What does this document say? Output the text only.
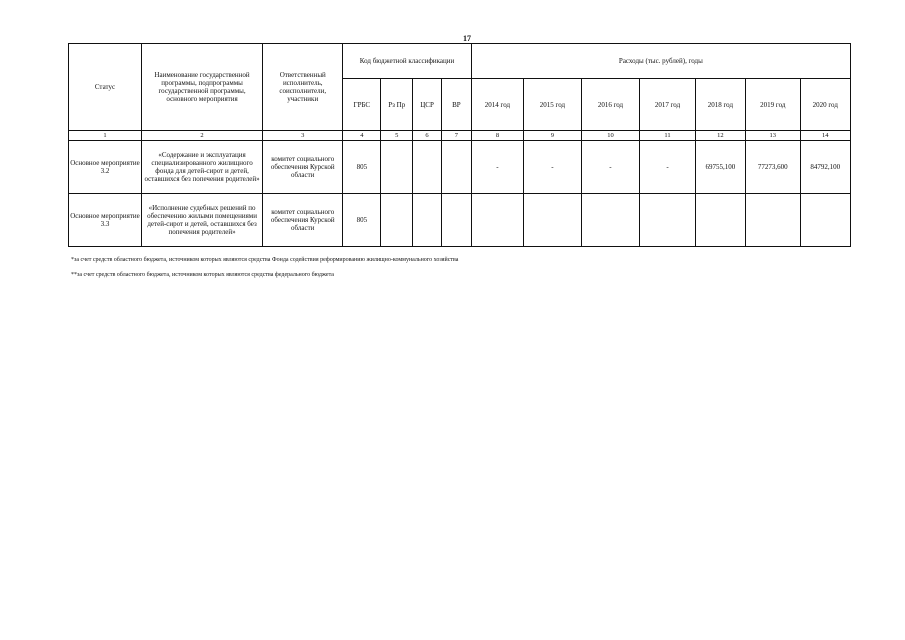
17
Статус	Наименование государственной программы, подпрограммы государственной программы, основного мероприятия	Ответственный исполнитель, соисполнители, участники	Код бюджетной классификации				Расходы (тыс. рублей), годы						
			ГРБС	Рз Пр	ЦСР	ВР	2014 год	2015 год	2016 год	2017 год	2018 год	2019 год	2020 год
1	2	3	4	5	6	7	8	9	10	11	12	13	14
Основное мероприятие 3.2	«Содержание и эксплуатация специализированного жилищного фонда для детей-сирот и детей, оставшихся без попечения родителей»	комитет социального обеспечения Курской области	805				-	-	-	-	69755,100	77273,600	84792,100
Основное мероприятие 3.3	«Исполнение судебных решений по обеспечению жилыми помещениями детей-сирот и детей, оставшихся без попечения родителей»	комитет социального обеспечения Курской области	805										
*за счет средств областного бюджета, источником которых являются средства Фонда содействия реформированию жилищно-коммунального хозяйства
**за счет средств областного бюджета, источником которых являются средства федерального бюджета
